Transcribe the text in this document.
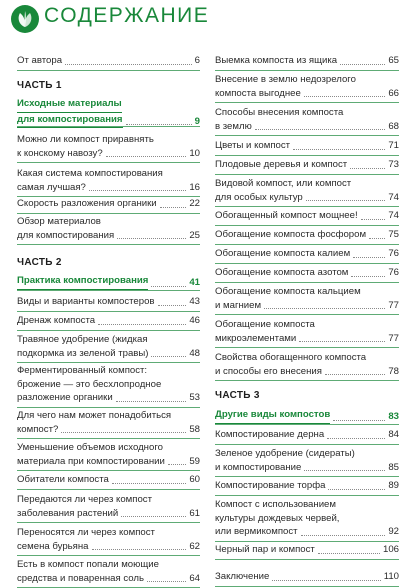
СОДЕРЖАНИЕ
От автора	6
ЧАСТЬ 1
Исходные материалы
для компостирования	9
Можно ли компост приравнять
к конскому навозу?	10
Какая система компостирования
самая лучшая?	16
Скорость разложения органики	22
Обзор материалов
для компостирования	25
ЧАСТЬ 2
Практика компостирования	41
Виды и варианты компостеров	43
Дренаж компоста	46
Травяное удобрение (жидкая
подкормка из зеленой травы)	48
Ферментированный компост:
брожение — это бесхлопродное
разложение органики	53
Для чего нам может понадобиться
компост?	58
Уменьшение объемов исходного
материала при компостировании	59
Обитатели компоста	60
Передаются ли через компост
заболевания растений	61
Переносятся ли через компост
семена бурьяна	62
Есть в компост попали моющие
средства и поваренная соль	64
Выемка компоста из ящика	65
Внесение в землю недозрелого
компоста выгоднее	66
Способы внесения компоста
в землю	68
Цветы и компост	71
Плодовые деревья и компост	73
Видовой компост, или компост
для особых культур	74
Обогащенный компост мощнее!	74
Обогащение компоста фосфором 75
Обогащение компоста калием	76
Обогащение компоста азотом	76
Обогащение компоста кальцием
и магнием	77
Обогащение компоста
микроэлементами	77
Свойства обогащенного компоста
и способы его внесения	78
ЧАСТЬ 3
Другие виды компостов	83
Компостирование дерна	84
Зеленое удобрение (сидераты)
и компостирование	85
Компостирование торфа	89
Компост с использованием
культуры дождевых червей,
или вермикомпост	92
Черный пар и компост	106
Заключение	110
